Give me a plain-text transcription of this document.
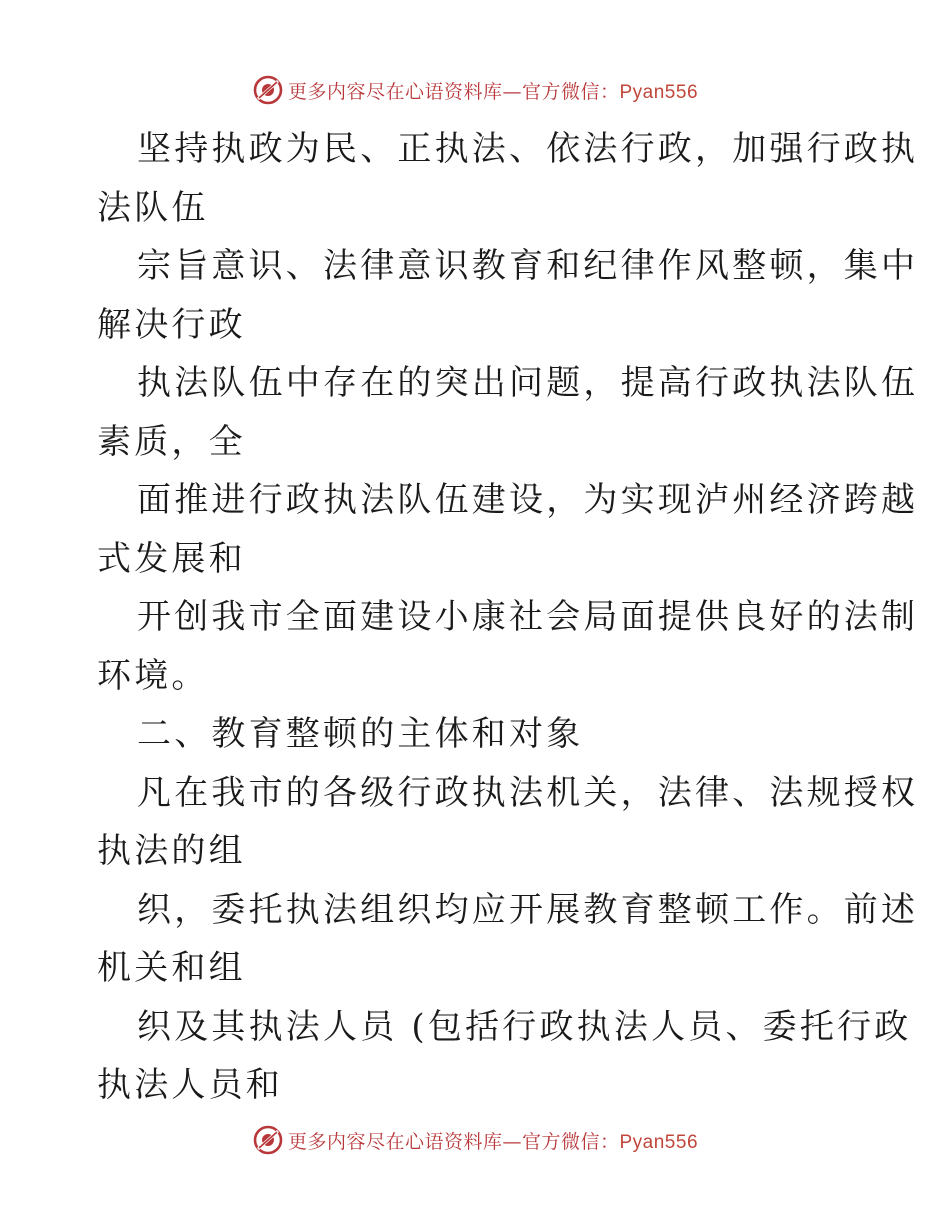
更多内容尽在心语资料库—官方微信：Pyan556
坚持执政为民、正执法、依法行政，加强行政执
法队伍
宗旨意识、法律意识教育和纪律作风整顿，集中
解决行政
执法队伍中存在的突出问题，提高行政执法队伍
素质，全
面推进行政执法队伍建设，为实现泸州经济跨越
式发展和
开创我市全面建设小康社会局面提供良好的法制
环境。
二、教育整顿的主体和对象
凡在我市的各级行政执法机关，法律、法规授权
执法的组
织，委托执法组织均应开展教育整顿工作。前述
机关和组
织及其执法人员 (包括行政执法人员、委托行政
执法人员和
更多内容尽在心语资料库—官方微信：Pyan556
